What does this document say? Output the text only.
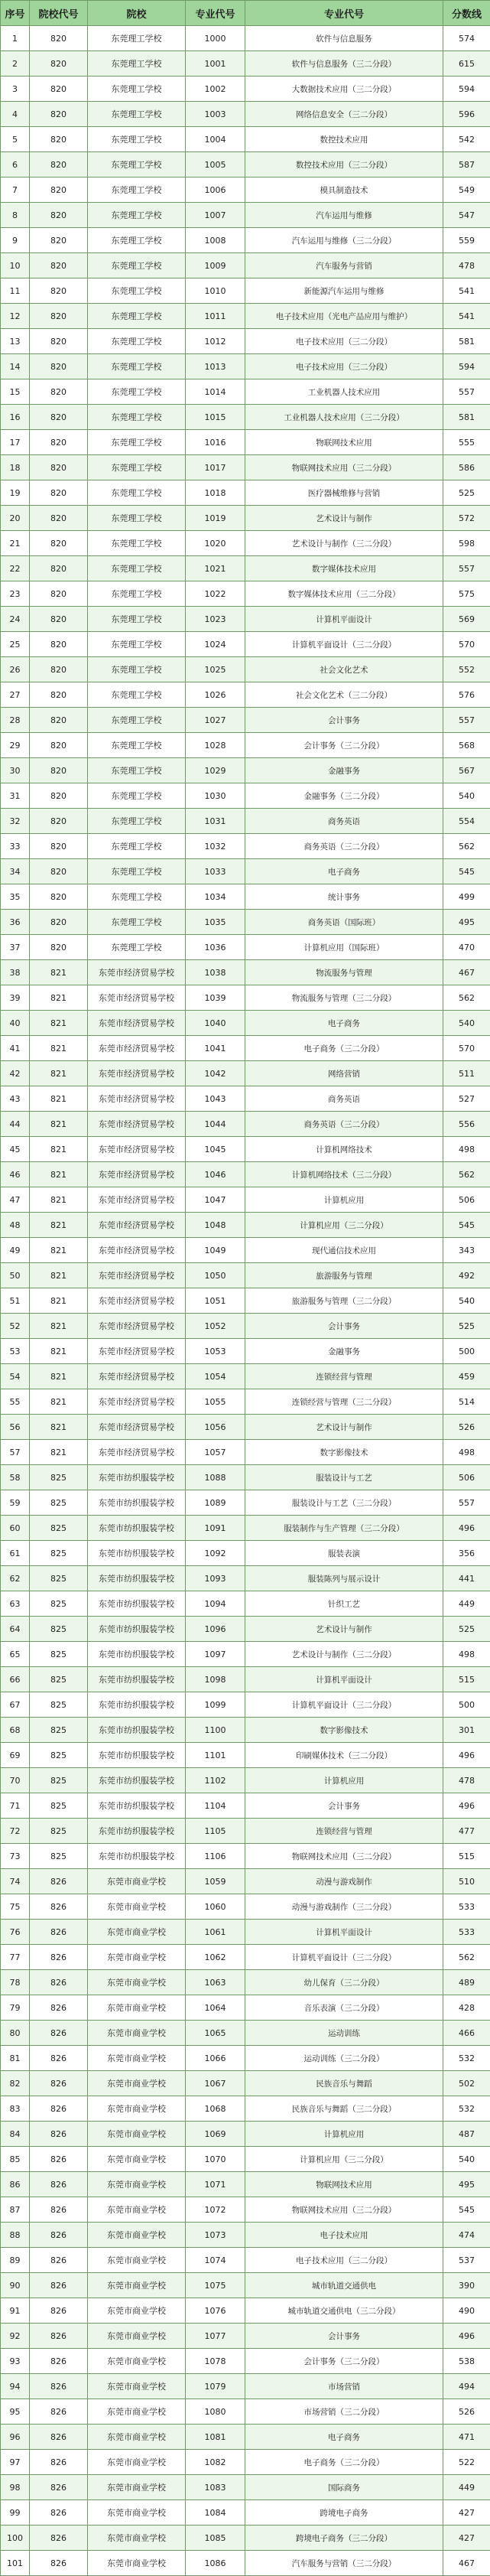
序号	院校代号	院校	专业代号	专业代号	分数线
1	820	东莞理工学校	1000	软件与信息服务	574
2	820	东莞理工学校	1001	软件与信息服务（三二分段）	615
3	820	东莞理工学校	1002	大数据技术应用（三二分段）	594
4	820	东莞理工学校	1003	网络信息安全（三二分段）	596
5	820	东莞理工学校	1004	数控技术应用	542
6	820	东莞理工学校	1005	数控技术应用（三二分段）	587
7	820	东莞理工学校	1006	模具制造技术	549
8	820	东莞理工学校	1007	汽车运用与维修	547
9	820	东莞理工学校	1008	汽车运用与维修（三二分段）	559
10	820	东莞理工学校	1009	汽车服务与营销	478
11	820	东莞理工学校	1010	新能源汽车运用与维修	541
12	820	东莞理工学校	1011	电子技术应用（光电产品应用与维护）	541
13	820	东莞理工学校	1012	电子技术应用（三二分段）	581
14	820	东莞理工学校	1013	电子技术应用（三二分段）	594
15	820	东莞理工学校	1014	工业机器人技术应用	557
16	820	东莞理工学校	1015	工业机器人技术应用（三二分段）	581
17	820	东莞理工学校	1016	物联网技术应用	555
18	820	东莞理工学校	1017	物联网技术应用（三二分段）	586
19	820	东莞理工学校	1018	医疗器械维修与营销	525
20	820	东莞理工学校	1019	艺术设计与制作	572
21	820	东莞理工学校	1020	艺术设计与制作（三二分段）	598
22	820	东莞理工学校	1021	数字媒体技术应用	557
23	820	东莞理工学校	1022	数字媒体技术应用（三二分段）	575
24	820	东莞理工学校	1023	计算机平面设计	569
25	820	东莞理工学校	1024	计算机平面设计（三二分段）	570
26	820	东莞理工学校	1025	社会文化艺术	552
27	820	东莞理工学校	1026	社会文化艺术（三二分段）	576
28	820	东莞理工学校	1027	会计事务	557
29	820	东莞理工学校	1028	会计事务（三二分段）	568
30	820	东莞理工学校	1029	金融事务	567
31	820	东莞理工学校	1030	金融事务（三二分段）	540
32	820	东莞理工学校	1031	商务英语	554
33	820	东莞理工学校	1032	商务英语（三二分段）	562
34	820	东莞理工学校	1033	电子商务	545
35	820	东莞理工学校	1034	统计事务	499
36	820	东莞理工学校	1035	商务英语（国际班）	495
37	820	东莞理工学校	1036	计算机应用（国际班）	470
38	821	东莞市经济贸易学校	1038	物流服务与管理	467
39	821	东莞市经济贸易学校	1039	物流服务与管理（三二分段）	562
40	821	东莞市经济贸易学校	1040	电子商务	540
41	821	东莞市经济贸易学校	1041	电子商务（三二分段）	570
42	821	东莞市经济贸易学校	1042	网络营销	511
43	821	东莞市经济贸易学校	1043	商务英语	527
44	821	东莞市经济贸易学校	1044	商务英语（三二分段）	556
45	821	东莞市经济贸易学校	1045	计算机网络技术	498
46	821	东莞市经济贸易学校	1046	计算机网络技术（三二分段）	562
47	821	东莞市经济贸易学校	1047	计算机应用	506
48	821	东莞市经济贸易学校	1048	计算机应用（三二分段）	545
49	821	东莞市经济贸易学校	1049	现代通信技术应用	343
50	821	东莞市经济贸易学校	1050	旅游服务与管理	492
51	821	东莞市经济贸易学校	1051	旅游服务与管理（三二分段）	540
52	821	东莞市经济贸易学校	1052	会计事务	525
53	821	东莞市经济贸易学校	1053	金融事务	500
54	821	东莞市经济贸易学校	1054	连锁经营与管理	459
55	821	东莞市经济贸易学校	1055	连锁经营与管理（三二分段）	514
56	821	东莞市经济贸易学校	1056	艺术设计与制作	526
57	821	东莞市经济贸易学校	1057	数字影像技术	498
58	825	东莞市纺织服装学校	1088	服装设计与工艺	506
59	825	东莞市纺织服装学校	1089	服装设计与工艺（三二分段）	557
60	825	东莞市纺织服装学校	1091	服装制作与生产管理（三二分段）	496
61	825	东莞市纺织服装学校	1092	服装表演	356
62	825	东莞市纺织服装学校	1093	服装陈列与展示设计	441
63	825	东莞市纺织服装学校	1094	针织工艺	449
64	825	东莞市纺织服装学校	1096	艺术设计与制作	525
65	825	东莞市纺织服装学校	1097	艺术设计与制作（三二分段）	498
66	825	东莞市纺织服装学校	1098	计算机平面设计	515
67	825	东莞市纺织服装学校	1099	计算机平面设计（三二分段）	500
68	825	东莞市纺织服装学校	1100	数字影像技术	301
69	825	东莞市纺织服装学校	1101	印刷媒体技术（三二分段）	496
70	825	东莞市纺织服装学校	1102	计算机应用	478
71	825	东莞市纺织服装学校	1104	会计事务	496
72	825	东莞市纺织服装学校	1105	连锁经营与管理	477
73	825	东莞市纺织服装学校	1106	物联网技术应用（三二分段）	515
74	826	东莞市商业学校	1059	动漫与游戏制作	510
75	826	东莞市商业学校	1060	动漫与游戏制作（三二分段）	533
76	826	东莞市商业学校	1061	计算机平面设计	533
77	826	东莞市商业学校	1062	计算机平面设计（三二分段）	562
78	826	东莞市商业学校	1063	幼儿保育（三二分段）	489
79	826	东莞市商业学校	1064	音乐表演（三二分段）	428
80	826	东莞市商业学校	1065	运动训练	466
81	826	东莞市商业学校	1066	运动训练（三二分段）	532
82	826	东莞市商业学校	1067	民族音乐与舞蹈	502
83	826	东莞市商业学校	1068	民族音乐与舞蹈（三二分段）	532
84	826	东莞市商业学校	1069	计算机应用	487
85	826	东莞市商业学校	1070	计算机应用（三二分段）	540
86	826	东莞市商业学校	1071	物联网技术应用	495
87	826	东莞市商业学校	1072	物联网技术应用（三二分段）	545
88	826	东莞市商业学校	1073	电子技术应用	474
89	826	东莞市商业学校	1074	电子技术应用（三二分段）	537
90	826	东莞市商业学校	1075	城市轨道交通供电	390
91	826	东莞市商业学校	1076	城市轨道交通供电（三二分段）	490
92	826	东莞市商业学校	1077	会计事务	496
93	826	东莞市商业学校	1078	会计事务（三二分段）	538
94	826	东莞市商业学校	1079	市场营销	494
95	826	东莞市商业学校	1080	市场营销（三二分段）	526
96	826	东莞市商业学校	1081	电子商务	471
97	826	东莞市商业学校	1082	电子商务（三二分段）	522
98	826	东莞市商业学校	1083	国际商务	449
99	826	东莞市商业学校	1084	跨境电子商务	427
100	826	东莞市商业学校	1085	跨境电子商务（三二分段）	427
101	826	东莞市商业学校	1086	汽车服务与营销（三二分段）	467
